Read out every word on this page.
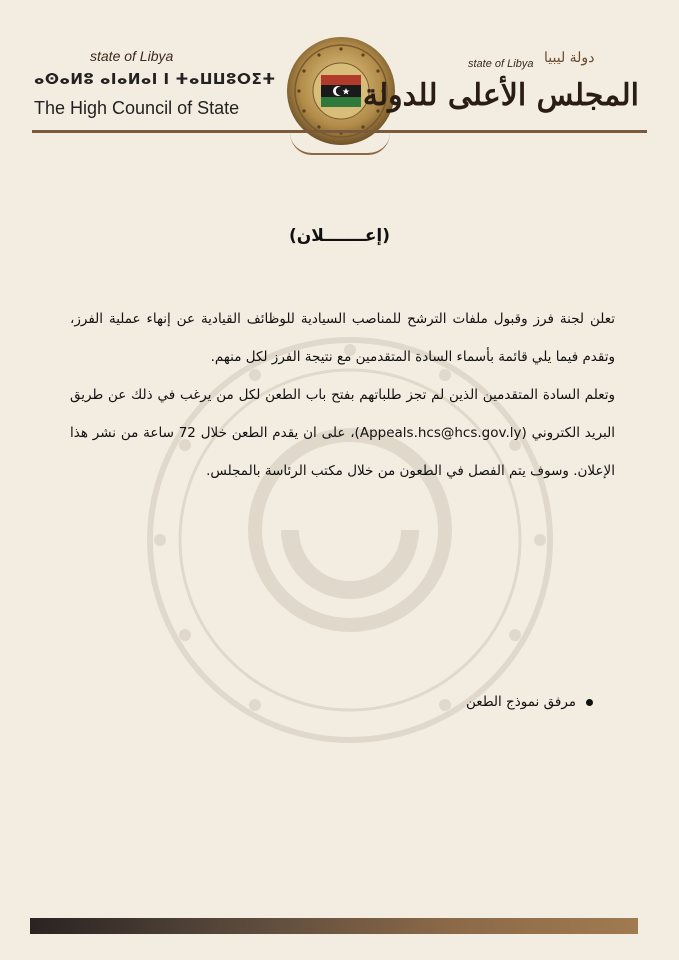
state of Libya
ⴰⵙⴰⵍⵓ ⴰⵏⴰⵍⴰⵏ ⵏ ⵜⴰⵡⵡⵓⵔⵉⵜ
The High Council of State
state of Libya دولة ليبيا
المجلس الأعلى للدولة
(إعـــــــلان)

تعلن لجنة فرز وقبول ملفات الترشح للمناصب السيادية للوظائف القيادية عن إنهاء عملية الفرز، وتقدم فيما يلي قائمة بأسماء السادة المتقدمين مع نتيجة الفرز لكل منهم.

وتعلم السادة المتقدمين الذين لم تجز طلباتهم بفتح باب الطعن لكل من يرغب في ذلك عن طريق البريد الكتروني (Appeals.hcs@hcs.gov.ly)، على ان يقدم الطعن خلال 72 ساعة من نشر هذا الإعلان. وسوف يتم الفصل في الطعون من خلال مكتب الرئاسة بالمجلس.

مرفق نموذج الطعن
